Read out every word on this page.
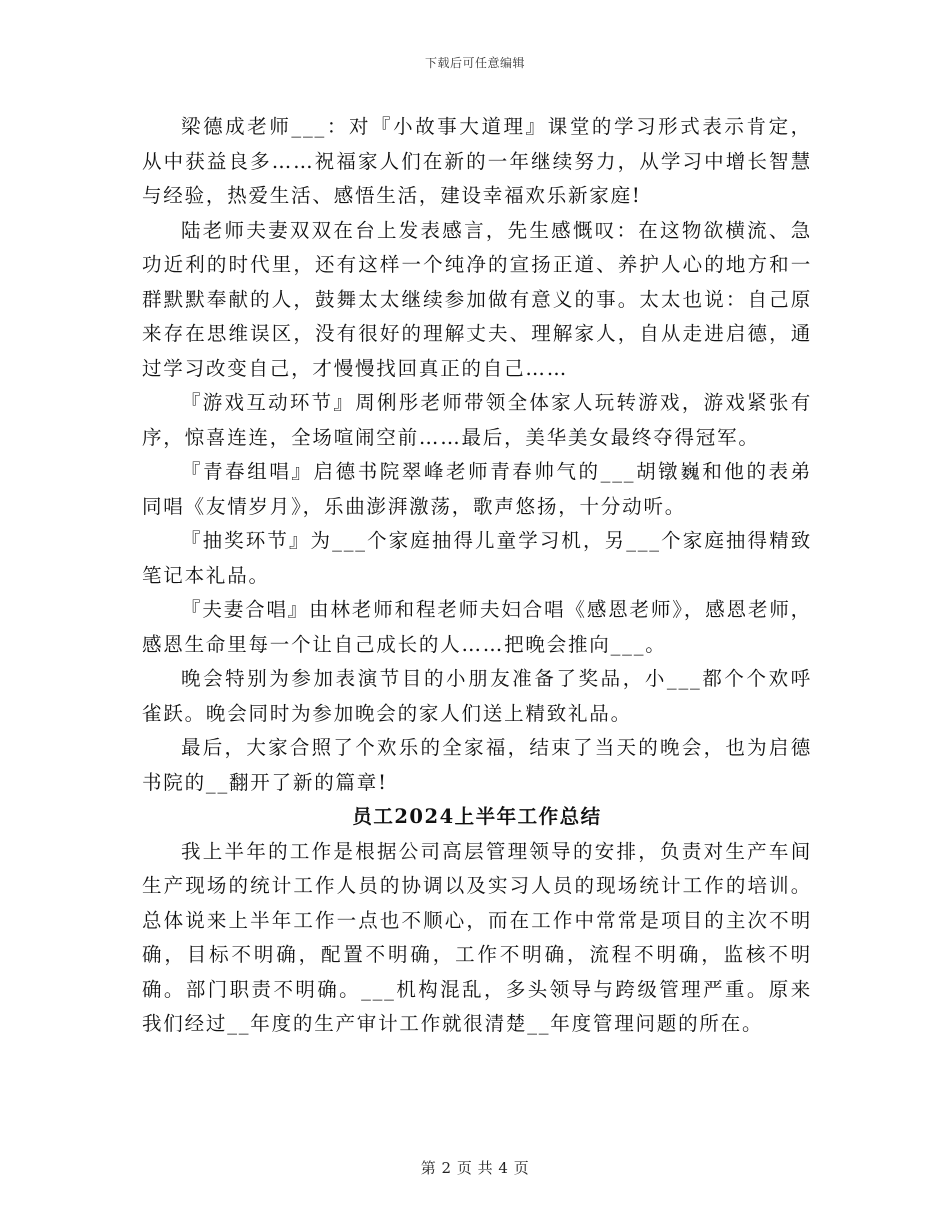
下载后可任意编辑

梁德成老师___：对『小故事大道理』课堂的学习形式表示肯定，从中获益良多……祝福家人们在新的一年继续努力，从学习中增长智慧与经验，热爱生活、感悟生活，建设幸福欢乐新家庭!

陆老师夫妻双双在台上发表感言，先生感慨叹：在这物欲横流、急功近利的时代里，还有这样一个纯净的宣扬正道、养护人心的地方和一群默默奉献的人，鼓舞太太继续参加做有意义的事。太太也说：自己原来存在思维误区，没有很好的理解丈夫、理解家人，自从走进启德，通过学习改变自己，才慢慢找回真正的自己……

『游戏互动环节』周俐彤老师带领全体家人玩转游戏，游戏紧张有序，惊喜连连，全场喧闹空前……最后，美华美女最终夺得冠军。

『青春组唱』启德书院翠峰老师青春帅气的___胡镦巍和他的表弟同唱《友情岁月》，乐曲澎湃激荡，歌声悠扬，十分动听。

『抽奖环节』为___个家庭抽得儿童学习机，另___个家庭抽得精致笔记本礼品。

『夫妻合唱』由林老师和程老师夫妇合唱《感恩老师》，感恩老师，感恩生命里每一个让自己成长的人……把晚会推向___。

晚会特别为参加表演节目的小朋友准备了奖品，小___都个个欢呼雀跃。晚会同时为参加晚会的家人们送上精致礼品。

最后，大家合照了个欢乐的全家福，结束了当天的晚会，也为启德书院的__翻开了新的篇章!

员工2024上半年工作总结

我上半年的工作是根据公司高层管理领导的安排，负责对生产车间生产现场的统计工作人员的协调以及实习人员的现场统计工作的培训。总体说来上半年工作一点也不顺心，而在工作中常常是项目的主次不明确，目标不明确，配置不明确，工作不明确，流程不明确，监核不明确。部门职责不明确。___机构混乱，多头领导与跨级管理严重。原来我们经过__年度的生产审计工作就很清楚__年度管理问题的所在。

第 2 页 共 4 页
